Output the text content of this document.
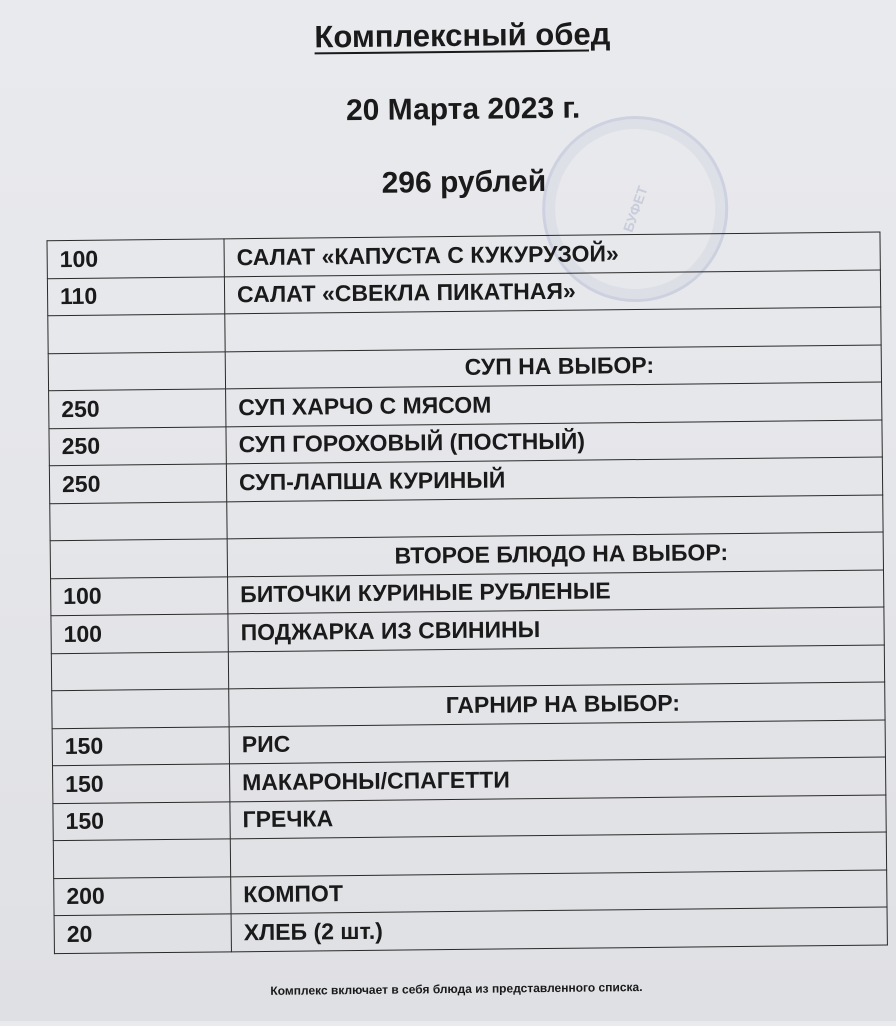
Комплексный обед
20 Марта 2023 г.
296 рублей
БУФЕТ
100	САЛАТ «КАПУСТА С КУКУРУЗОЙ»
110	САЛАТ «СВЕКЛА ПИКАТНАЯ»

	СУП НА ВЫБОР:
250	СУП ХАРЧО С МЯСОМ
250	СУП ГОРОХОВЫЙ (ПОСТНЫЙ)
250	СУП-ЛАПША КУРИНЫЙ

	ВТОРОЕ БЛЮДО НА ВЫБОР:
100	БИТОЧКИ КУРИНЫЕ РУБЛЕНЫЕ
100	ПОДЖАРКА ИЗ СВИНИНЫ

	ГАРНИР НА ВЫБОР:
150	РИС
150	МАКАРОНЫ/СПАГЕТТИ
150	ГРЕЧКА

200	КОМПОТ
20	ХЛЕБ (2 шт.)
Комплекс включает в себя блюда из представленного списка.
